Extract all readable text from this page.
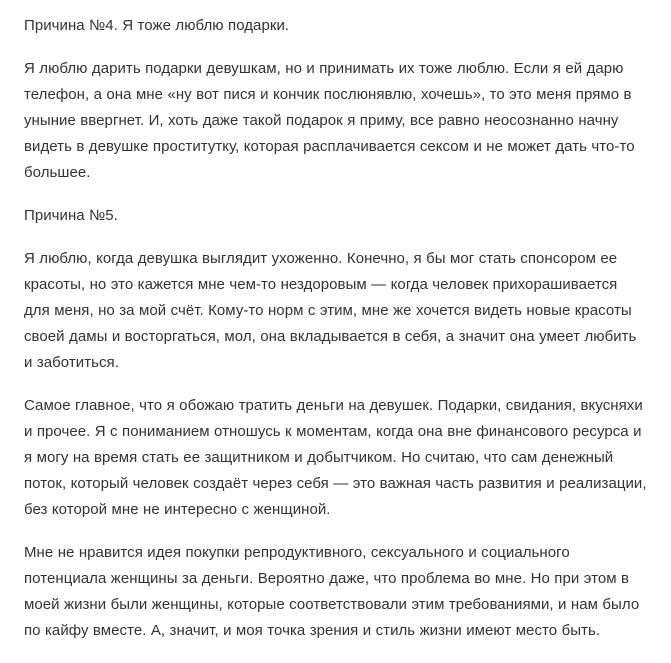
Причина №4. Я тоже люблю подарки.

Я люблю дарить подарки девушкам, но и принимать их тоже люблю. Если я ей дарю телефон, а она мне «ну вот пися и кончик послюнявлю, хочешь», то это меня прямо в уныние ввергнет. И, хоть даже такой подарок я приму, все равно неосознанно начну видеть в девушке проститутку, которая расплачивается сексом и не может дать что-то большее.

Причина №5.

Я люблю, когда девушка выглядит ухоженно. Конечно, я бы мог стать спонсором ее красоты, но это кажется мне чем-то нездоровым — когда человек прихорашивается для меня, но за мой счёт. Кому-то норм с этим, мне же хочется видеть новые красоты своей дамы и восторгаться, мол, она вкладывается в себя, а значит она умеет любить и заботиться.

Самое главное, что я обожаю тратить деньги на девушек. Подарки, свидания, вкусняхи и прочее. Я с пониманием отношусь к моментам, когда она вне финансового ресурса и я могу на время стать ее защитником и добытчиком. Но считаю, что сам денежный поток, который человек создаёт через себя — это важная часть развития и реализации, без которой мне не интересно с женщиной.

Мне не нравится идея покупки репродуктивного, сексуального и социального потенциала женщины за деньги. Вероятно даже, что проблема во мне. Но при этом в моей жизни были женщины, которые соответствовали этим требованиями, и нам было по кайфу вместе. А, значит, и моя точка зрения и стиль жизни имеют место быть.
